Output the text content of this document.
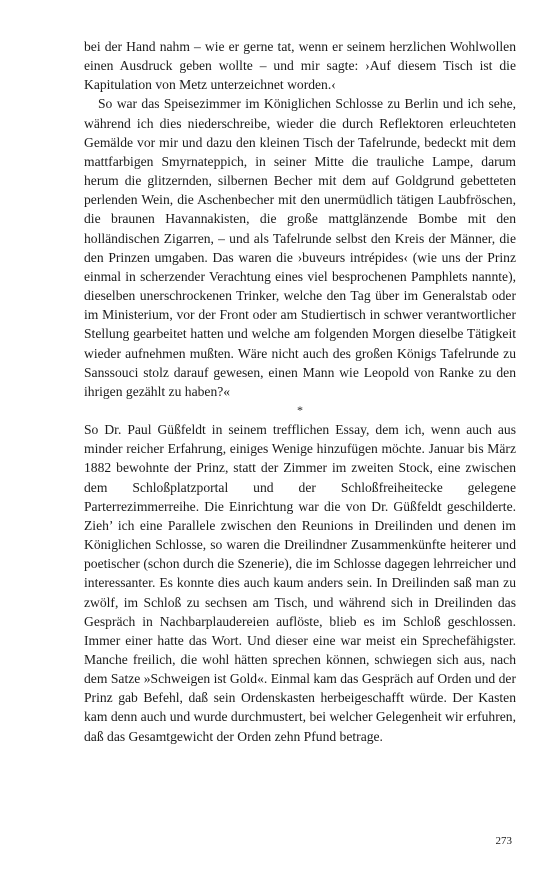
bei der Hand nahm – wie er gerne tat, wenn er seinem herzlichen Wohlwollen einen Ausdruck geben wollte – und mir sagte: ›Auf diesem Tisch ist die Kapitulation von Metz unterzeichnet worden.‹

So war das Speisezimmer im Königlichen Schlosse zu Berlin und ich sehe, während ich dies niederschreibe, wieder die durch Reflektoren erleuchteten Gemälde vor mir und dazu den kleinen Tisch der Tafelrunde, bedeckt mit dem mattfarbigen Smyrnateppich, in seiner Mitte die trauliche Lampe, darum herum die glitzernden, silbernen Becher mit dem auf Goldgrund gebetteten perlenden Wein, die Aschenbecher mit den unermüdlich tätigen Laubfröschen, die braunen Havannakisten, die große mattglänzende Bombe mit den holländischen Zigarren, – und als Tafelrunde selbst den Kreis der Männer, die den Prinzen umgaben. Das waren die ›buveurs intrépides‹ (wie uns der Prinz einmal in scherzender Verachtung eines viel besprochenen Pamphlets nannte), dieselben unerschrockenen Trinker, welche den Tag über im Generalstab oder im Ministerium, vor der Front oder am Studiertisch in schwer verantwortlicher Stellung gearbeitet hatten und welche am folgenden Morgen dieselbe Tätigkeit wieder aufnehmen mußten. Wäre nicht auch des großen Königs Tafelrunde zu Sanssouci stolz darauf gewesen, einen Mann wie Leopold von Ranke zu den ihrigen gezählt zu haben?«

*

So Dr. Paul Güßfeldt in seinem trefflichen Essay, dem ich, wenn auch aus minder reicher Erfahrung, einiges Wenige hinzufügen möchte. Januar bis März 1882 bewohnte der Prinz, statt der Zimmer im zweiten Stock, eine zwischen dem Schloßplatzportal und der Schloßfreiheitecke gelegene Parterrezimmerreihe. Die Einrichtung war die von Dr. Güßfeldt geschilderte. Zieh’ ich eine Parallele zwischen den Reunions in Dreilinden und denen im Königlichen Schlosse, so waren die Dreilindner Zusammenkünfte heiterer und poetischer (schon durch die Szenerie), die im Schlosse dagegen lehrreicher und interessanter. Es konnte dies auch kaum anders sein. In Dreilinden saß man zu zwölf, im Schloß zu sechsen am Tisch, und während sich in Dreilinden das Gespräch in Nachbarplaudereien auflöste, blieb es im Schloß geschlossen. Immer einer hatte das Wort. Und dieser eine war meist ein Sprechefähigster. Manche freilich, die wohl hätten sprechen können, schwiegen sich aus, nach dem Satze »Schweigen ist Gold«. Einmal kam das Gespräch auf Orden und der Prinz gab Befehl, daß sein Ordenskasten herbeigeschafft würde. Der Kasten kam denn auch und wurde durchmustert, bei welcher Gelegenheit wir erfuhren, daß das Gesamtgewicht der Orden zehn Pfund betrage.

273
